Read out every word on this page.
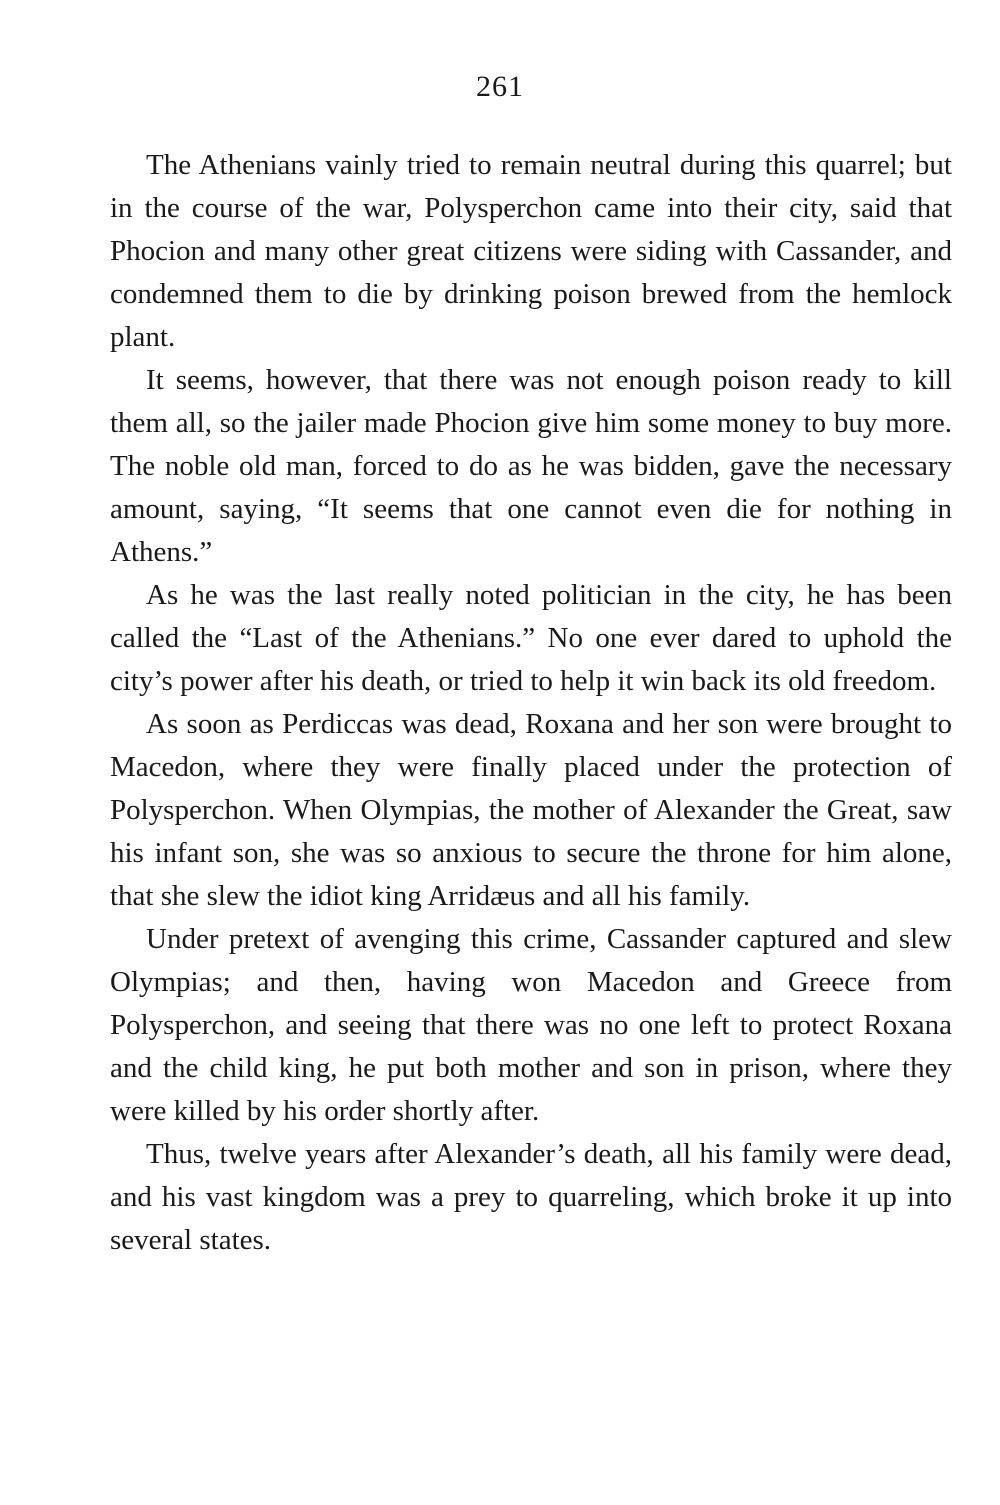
261

The Athenians vainly tried to remain neutral during this quarrel; but in the course of the war, Polysperchon came into their city, said that Phocion and many other great citizens were siding with Cassander, and condemned them to die by drinking poison brewed from the hemlock plant.

It seems, however, that there was not enough poison ready to kill them all, so the jailer made Phocion give him some money to buy more. The noble old man, forced to do as he was bidden, gave the necessary amount, saying, “It seems that one cannot even die for nothing in Athens.”

As he was the last really noted politician in the city, he has been called the “Last of the Athenians.” No one ever dared to uphold the city’s power after his death, or tried to help it win back its old freedom.

As soon as Perdiccas was dead, Roxana and her son were brought to Macedon, where they were finally placed under the protection of Polysperchon. When Olympias, the mother of Alexander the Great, saw his infant son, she was so anxious to secure the throne for him alone, that she slew the idiot king Arridæus and all his family.

Under pretext of avenging this crime, Cassander captured and slew Olympias; and then, having won Macedon and Greece from Polysperchon, and seeing that there was no one left to protect Roxana and the child king, he put both mother and son in prison, where they were killed by his order shortly after.

Thus, twelve years after Alexander’s death, all his family were dead, and his vast kingdom was a prey to quarreling, which broke it up into several states.
